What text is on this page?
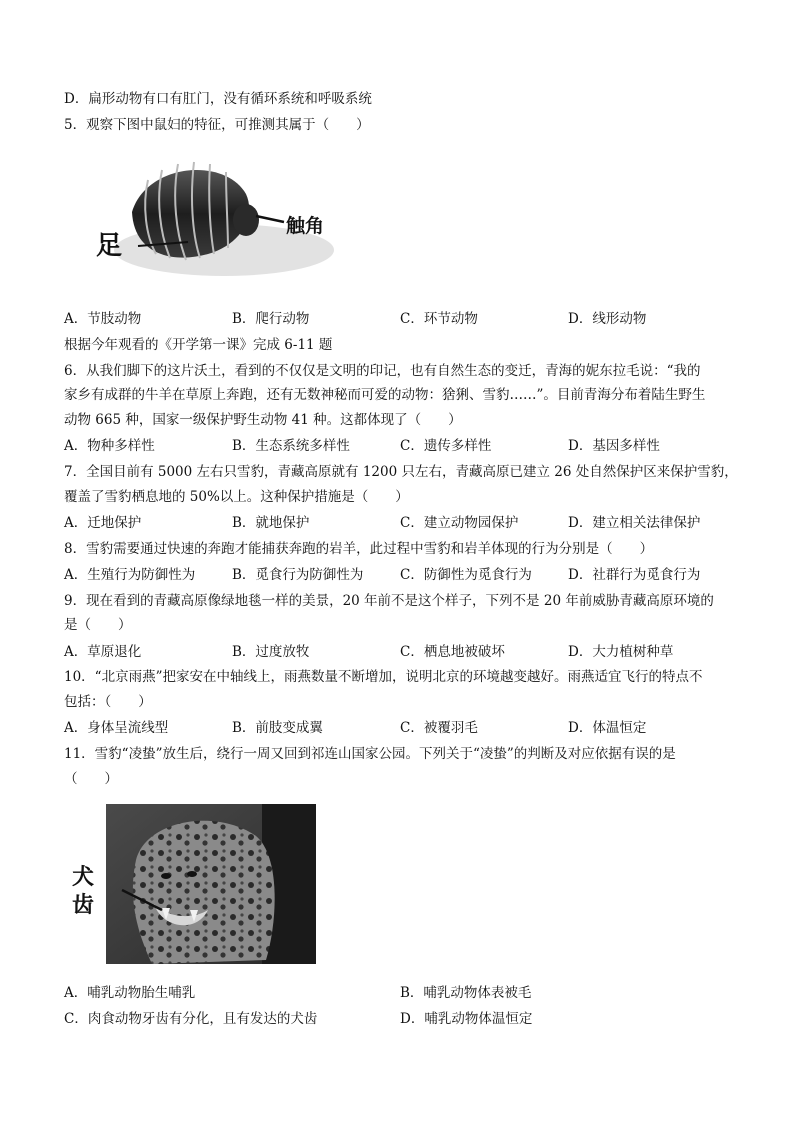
D．扁形动物有口有肛门，没有循环系统和呼吸系统
5．观察下图中鼠妇的特征，可推测其属于（　　）
足
触角
A．节肢动物	B．爬行动物	C．环节动物	D．线形动物
根据今年观看的《开学第一课》完成 6-11 题
6．从我们脚下的这片沃土，看到的不仅仅是文明的印记，也有自然生态的变迁，青海的妮东拉毛说：“我的
家乡有成群的牛羊在草原上奔跑，还有无数神秘而可爱的动物：猞猁、雪豹……”。目前青海分布着陆生野生
动物 665 种，国家一级保护野生动物 41 种。这都体现了（　　）
A．物种多样性	B．生态系统多样性	C．遗传多样性	D．基因多样性
7．全国目前有 5000 左右只雪豹，青藏高原就有 1200 只左右，青藏高原已建立 26 处自然保护区来保护雪豹，
覆盖了雪豹栖息地的 50%以上。这种保护措施是（　　）
A．迁地保护	B．就地保护	C．建立动物园保护	D．建立相关法律保护
8．雪豹需要通过快速的奔跑才能捕获奔跑的岩羊，此过程中雪豹和岩羊体现的行为分别是（　　）
A．生殖行为防御性为	B．觅食行为防御性为	C．防御性为觅食行为	D．社群行为觅食行为
9．现在看到的青藏高原像绿地毯一样的美景，20 年前不是这个样子，下列不是 20 年前威胁青藏高原环境的
是（　　）
A．草原退化	B．过度放牧	C．栖息地被破坏	D．大力植树种草
10．“北京雨燕”把家安在中轴线上，雨燕数量不断增加，说明北京的环境越变越好。雨燕适宜飞行的特点不
包括：（　　）
A．身体呈流线型	B．前肢变成翼	C．被覆羽毛	D．体温恒定
11．雪豹“凌蛰”放生后，绕行一周又回到祁连山国家公园。下列关于“凌蛰”的判断及对应依据有误的是
（　　）
犬
齿
A．哺乳动物胎生哺乳	B．哺乳动物体表被毛
C．肉食动物牙齿有分化，且有发达的犬齿	D．哺乳动物体温恒定
